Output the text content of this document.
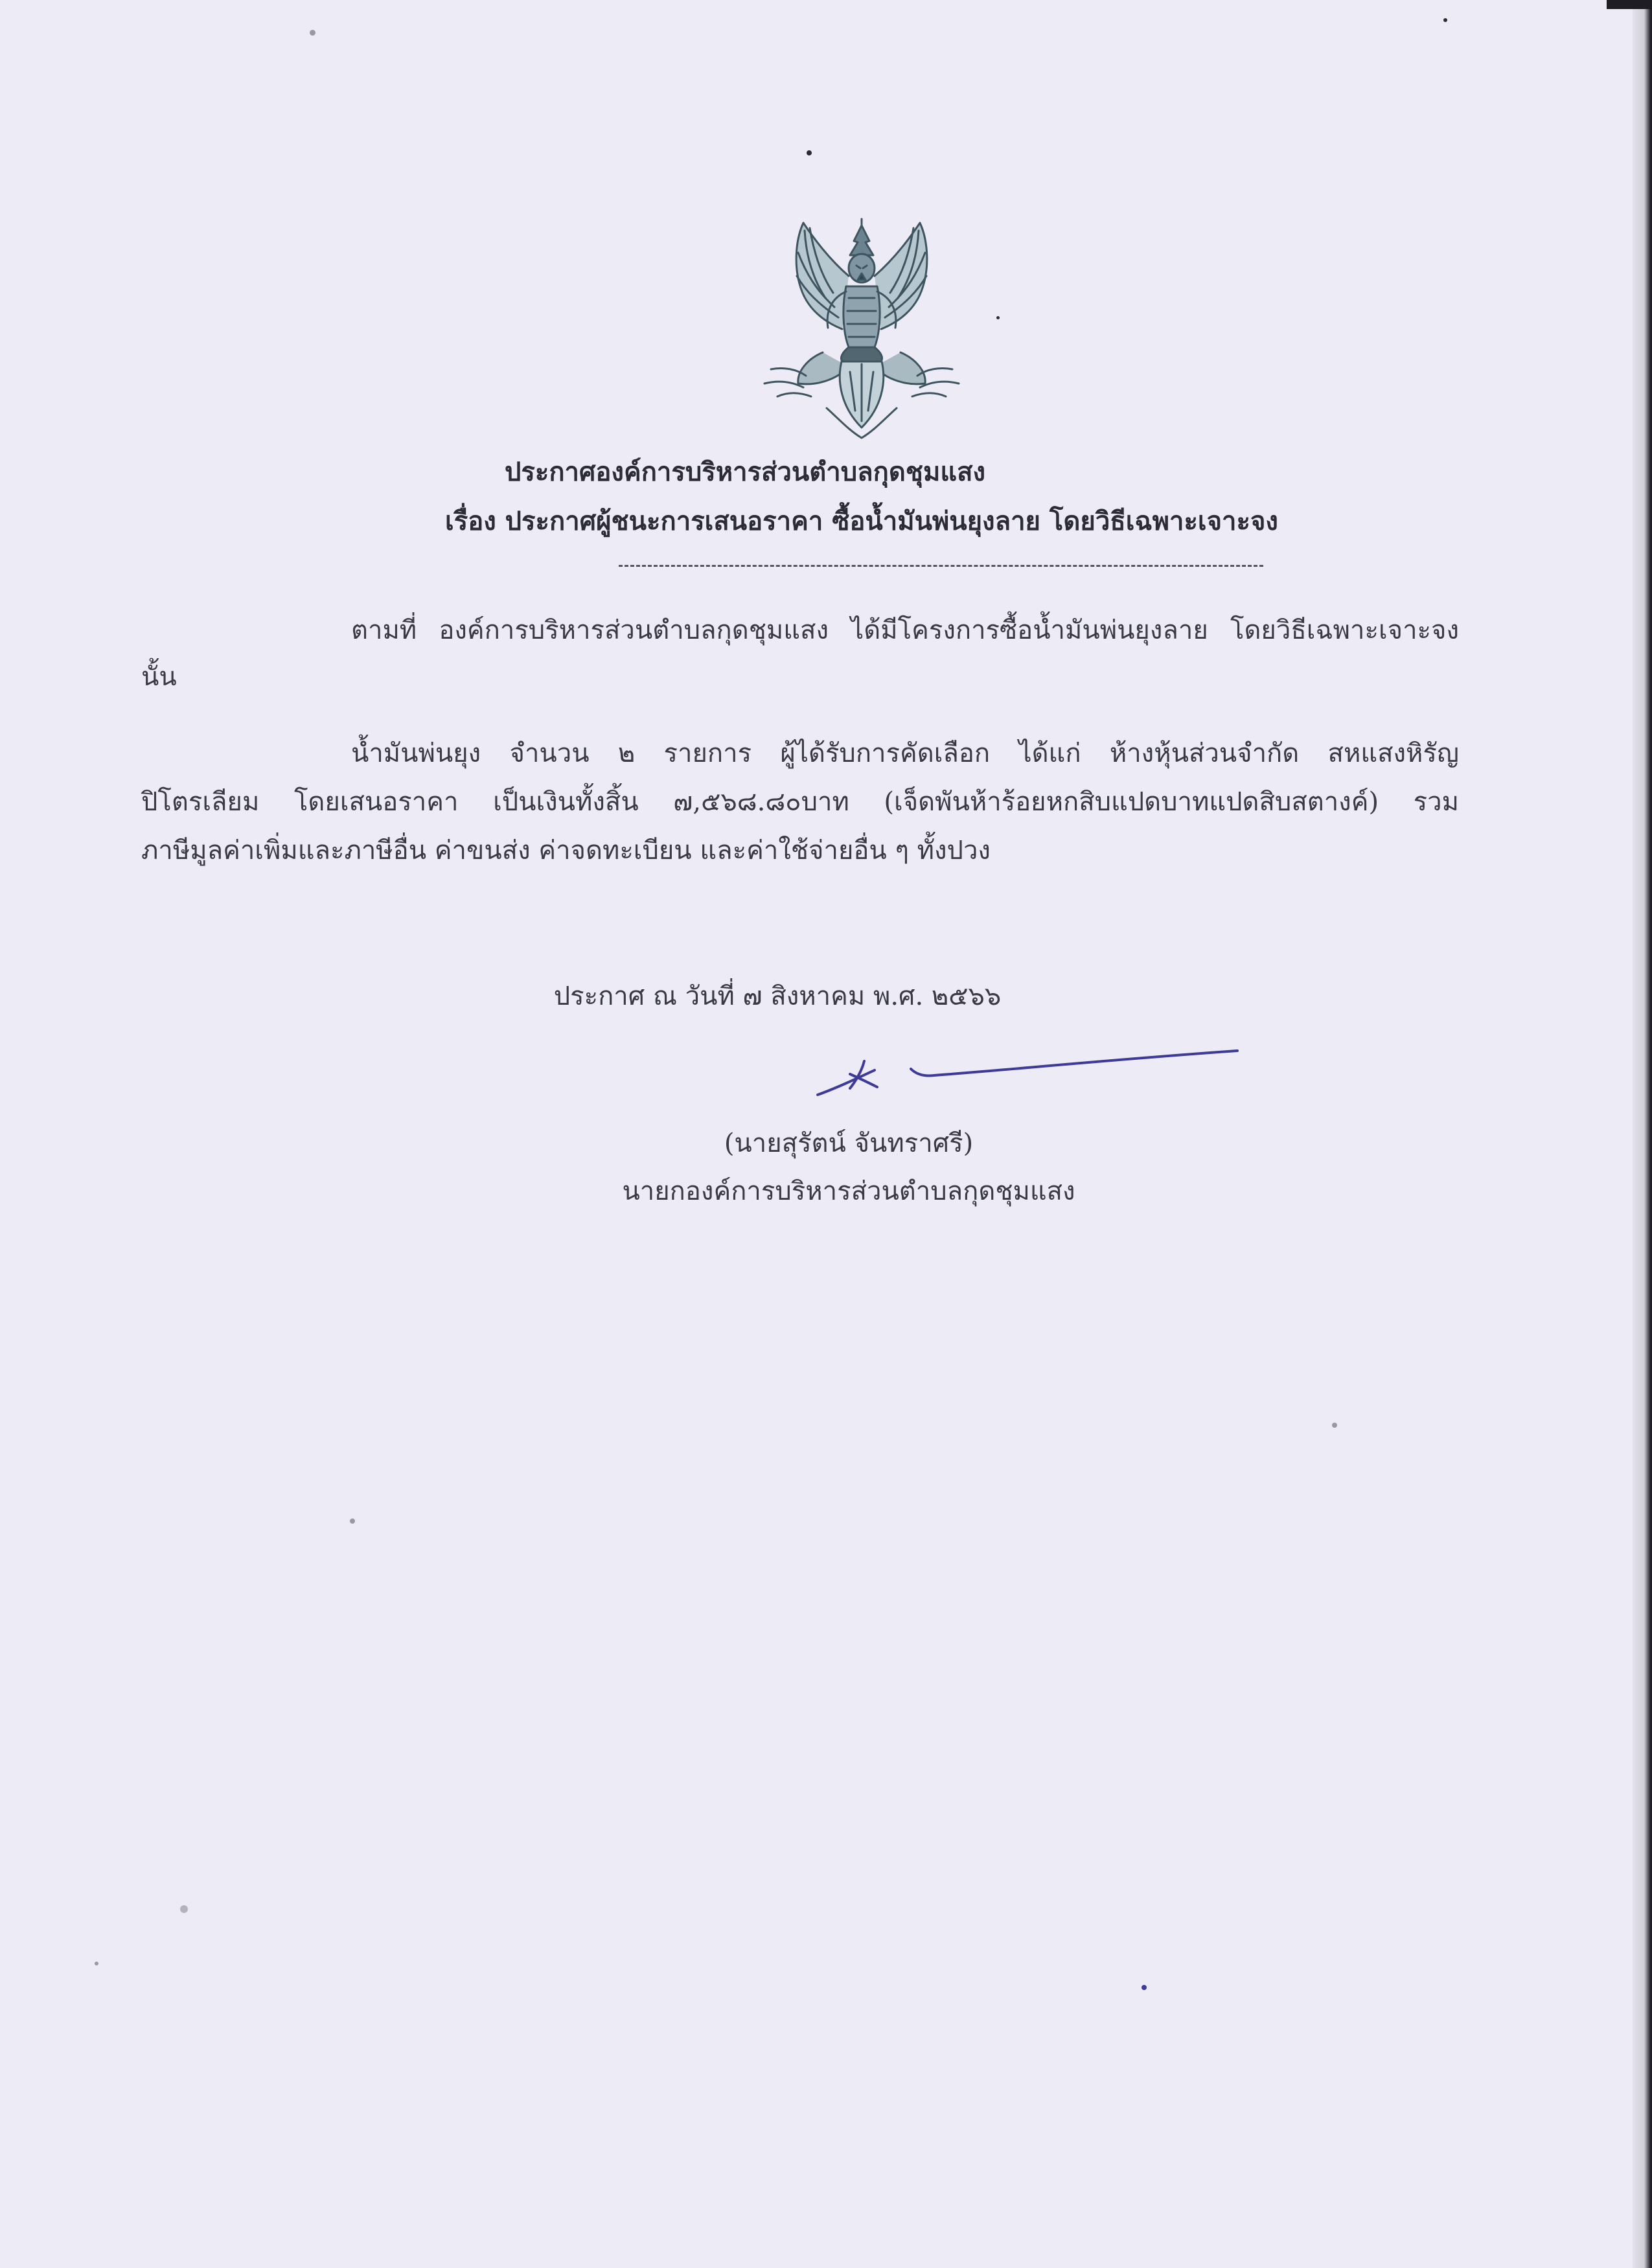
ประกาศองค์การบริหารส่วนตำบลกุดชุมแสง
เรื่อง ประกาศผู้ชนะการเสนอราคา ซื้อน้ำมันพ่นยุงลาย โดยวิธีเฉพาะเจาะจง
ตามที่ องค์การบริหารส่วนตำบลกุดชุมแสง ได้มีโครงการซื้อน้ำมันพ่นยุงลาย โดยวิธีเฉพาะเจาะจง
นั้น
น้ำมันพ่นยุง จำนวน ๒ รายการ ผู้ได้รับการคัดเลือก ได้แก่ ห้างหุ้นส่วนจำกัด สหแสงหิรัญ
ปิโตรเลียม โดยเสนอราคา เป็นเงินทั้งสิ้น ๗,๕๖๘.๘๐บาท (เจ็ดพันห้าร้อยหกสิบแปดบาทแปดสิบสตางค์) รวม
ภาษีมูลค่าเพิ่มและภาษีอื่น ค่าขนส่ง ค่าจดทะเบียน และค่าใช้จ่ายอื่น ๆ ทั้งปวง
ประกาศ ณ วันที่ ๗ สิงหาคม พ.ศ. ๒๕๖๖
(นายสุรัตน์ จันทราศรี)
นายกองค์การบริหารส่วนตำบลกุดชุมแสง
